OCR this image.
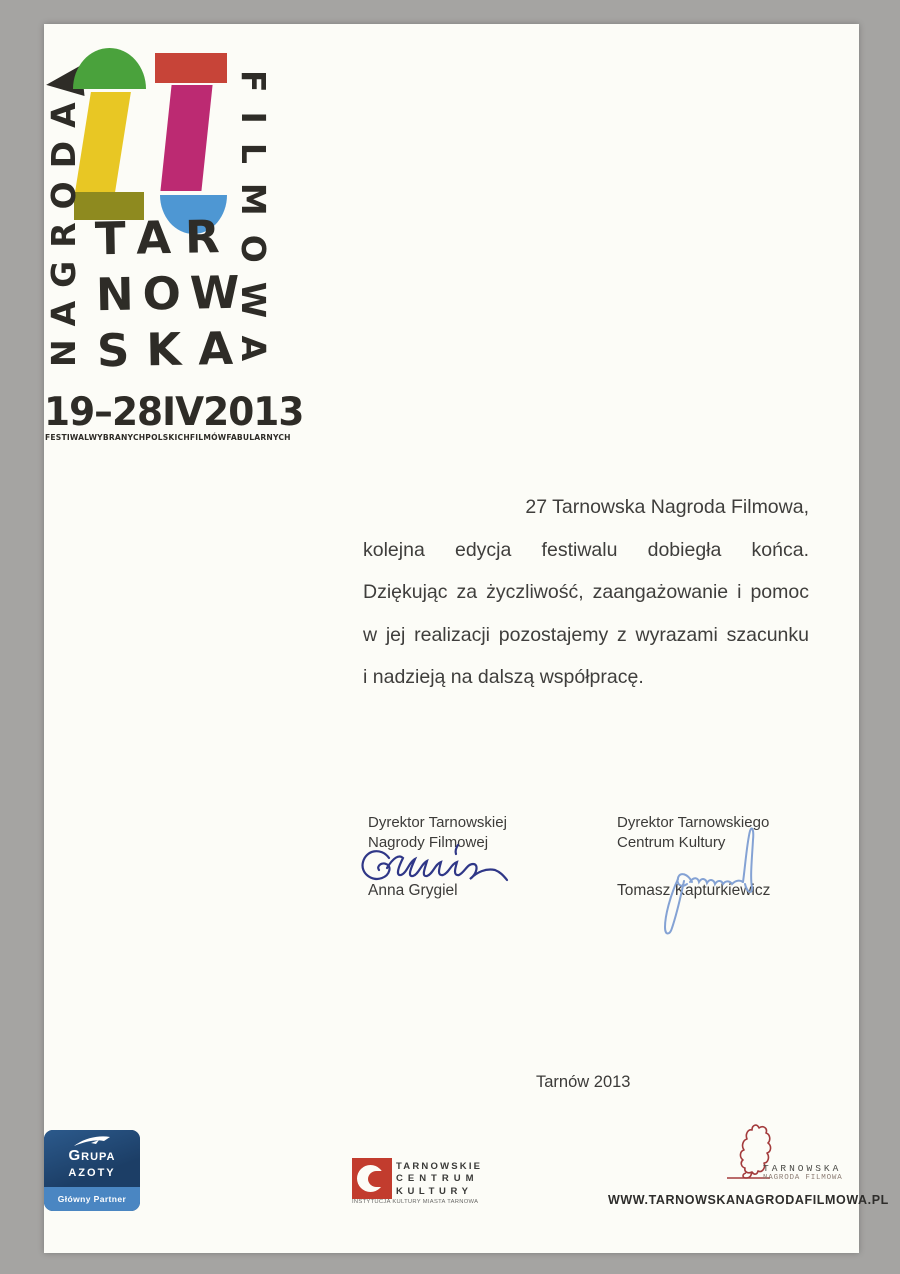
NAGRODA	FILMOWA
TAR
NOW
SKA
19–28IV2013
FESTIWALWYBRANYCHPOLSKICHFILMÓWFABULARNYCH
27 Tarnowska Nagroda Filmowa,
kolejna edycja festiwalu dobiegła końca.
Dziękując za życzliwość, zaangażowanie i pomoc
w jej realizacji pozostajemy z wyrazami szacunku
i nadzieją na dalszą współpracę.
Dyrektor Tarnowskiej
Nagrody Filmowej
Anna Grygiel
Dyrektor Tarnowskiego
Centrum Kultury
Tomasz Kapturkiewicz
Tarnów 2013
Grupa
azoty
Główny Partner
TARNOWSKIE
CENTRUM
KULTURY
INSTYTUCJA KULTURY MIASTA TARNOWA
TARNOWSKA
NAGRODA FILMOWA
WWW.TARNOWSKANAGRODAFILMOWA.PL
